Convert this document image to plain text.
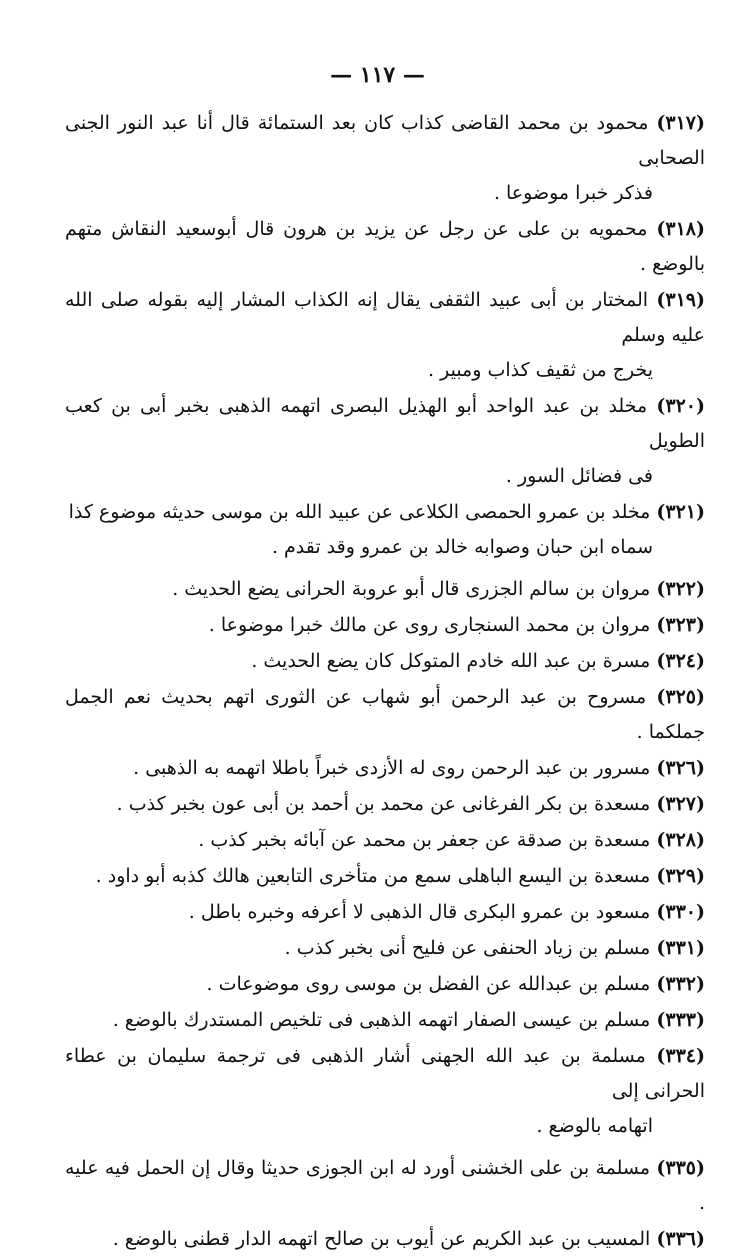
— ١١٧ —
(٣١٧) محمود بن محمد القاضى كذاب كان بعد الستمائة قال أنا عبد النور الجنى الصحابى
فذكر خبرا موضوعا .
(٣١٨) محمويه بن على عن رجل عن يزيد بن هرون قال أبوسعيد النقاش متهم بالوضع .
(٣١٩) المختار بن أبى عبيد الثقفى يقال إنه الكذاب المشار إليه بقوله صلى الله عليه وسلم
يخرج من ثقيف كذاب ومبير .
(٣٢٠) مخلد بن عبد الواحد أبو الهذيل البصرى اتهمه الذهبى بخبر أبى بن كعب الطويل
فى فضائل السور .
(٣٢١) مخلد بن عمرو الحمصى الكلاعى عن عبيد الله بن موسى حديثه موضوع كذا
سماه ابن حبان وصوابه خالد بن عمرو وقد تقدم .
(٣٢٢) مروان بن سالم الجزرى قال أبو عروبة الحرانى يضع الحديث .
(٣٢٣) مروان بن محمد السنجارى روى عن مالك خبرا موضوعا .
(٣٢٤) مسرة بن عبد الله خادم المتوكل كان يضع الحديث .
(٣٢٥) مسروح بن عبد الرحمن أبو شهاب عن الثورى اتهم بحديث نعم الجمل جملكما .
(٣٢٦) مسرور بن عبد الرحمن روى له الأزدى خبراً باطلا اتهمه به الذهبى .
(٣٢٧) مسعدة بن بكر الفرغانى عن محمد بن أحمد بن أبى عون بخبر كذب .
(٣٢٨) مسعدة بن صدقة عن جعفر بن محمد عن آبائه بخبر كذب .
(٣٢٩) مسعدة بن اليسع الباهلى سمع من متأخرى التابعين هالك كذبه أبو داود .
(٣٣٠) مسعود بن عمرو البكرى قال الذهبى لا أعرفه وخبره باطل .
(٣٣١) مسلم بن زياد الحنفى عن فليح أنى بخبر كذب .
(٣٣٢) مسلم بن عبدالله عن الفضل بن موسى روى موضوعات .
(٣٣٣) مسلم بن عيسى الصفار اتهمه الذهبى فى تلخيص المستدرك بالوضع .
(٣٣٤) مسلمة بن عبد الله الجهنى أشار الذهبى فى ترجمة سليمان بن عطاء الحرانى إلى
اتهامه بالوضع .
(٣٣٥) مسلمة بن على الخشنى أورد له ابن الجوزى حديثا وقال إن الحمل فيه عليه .
(٣٣٦) المسيب بن عبد الكريم عن أيوب بن صالح اتهمه الدار قطنى بالوضع .
